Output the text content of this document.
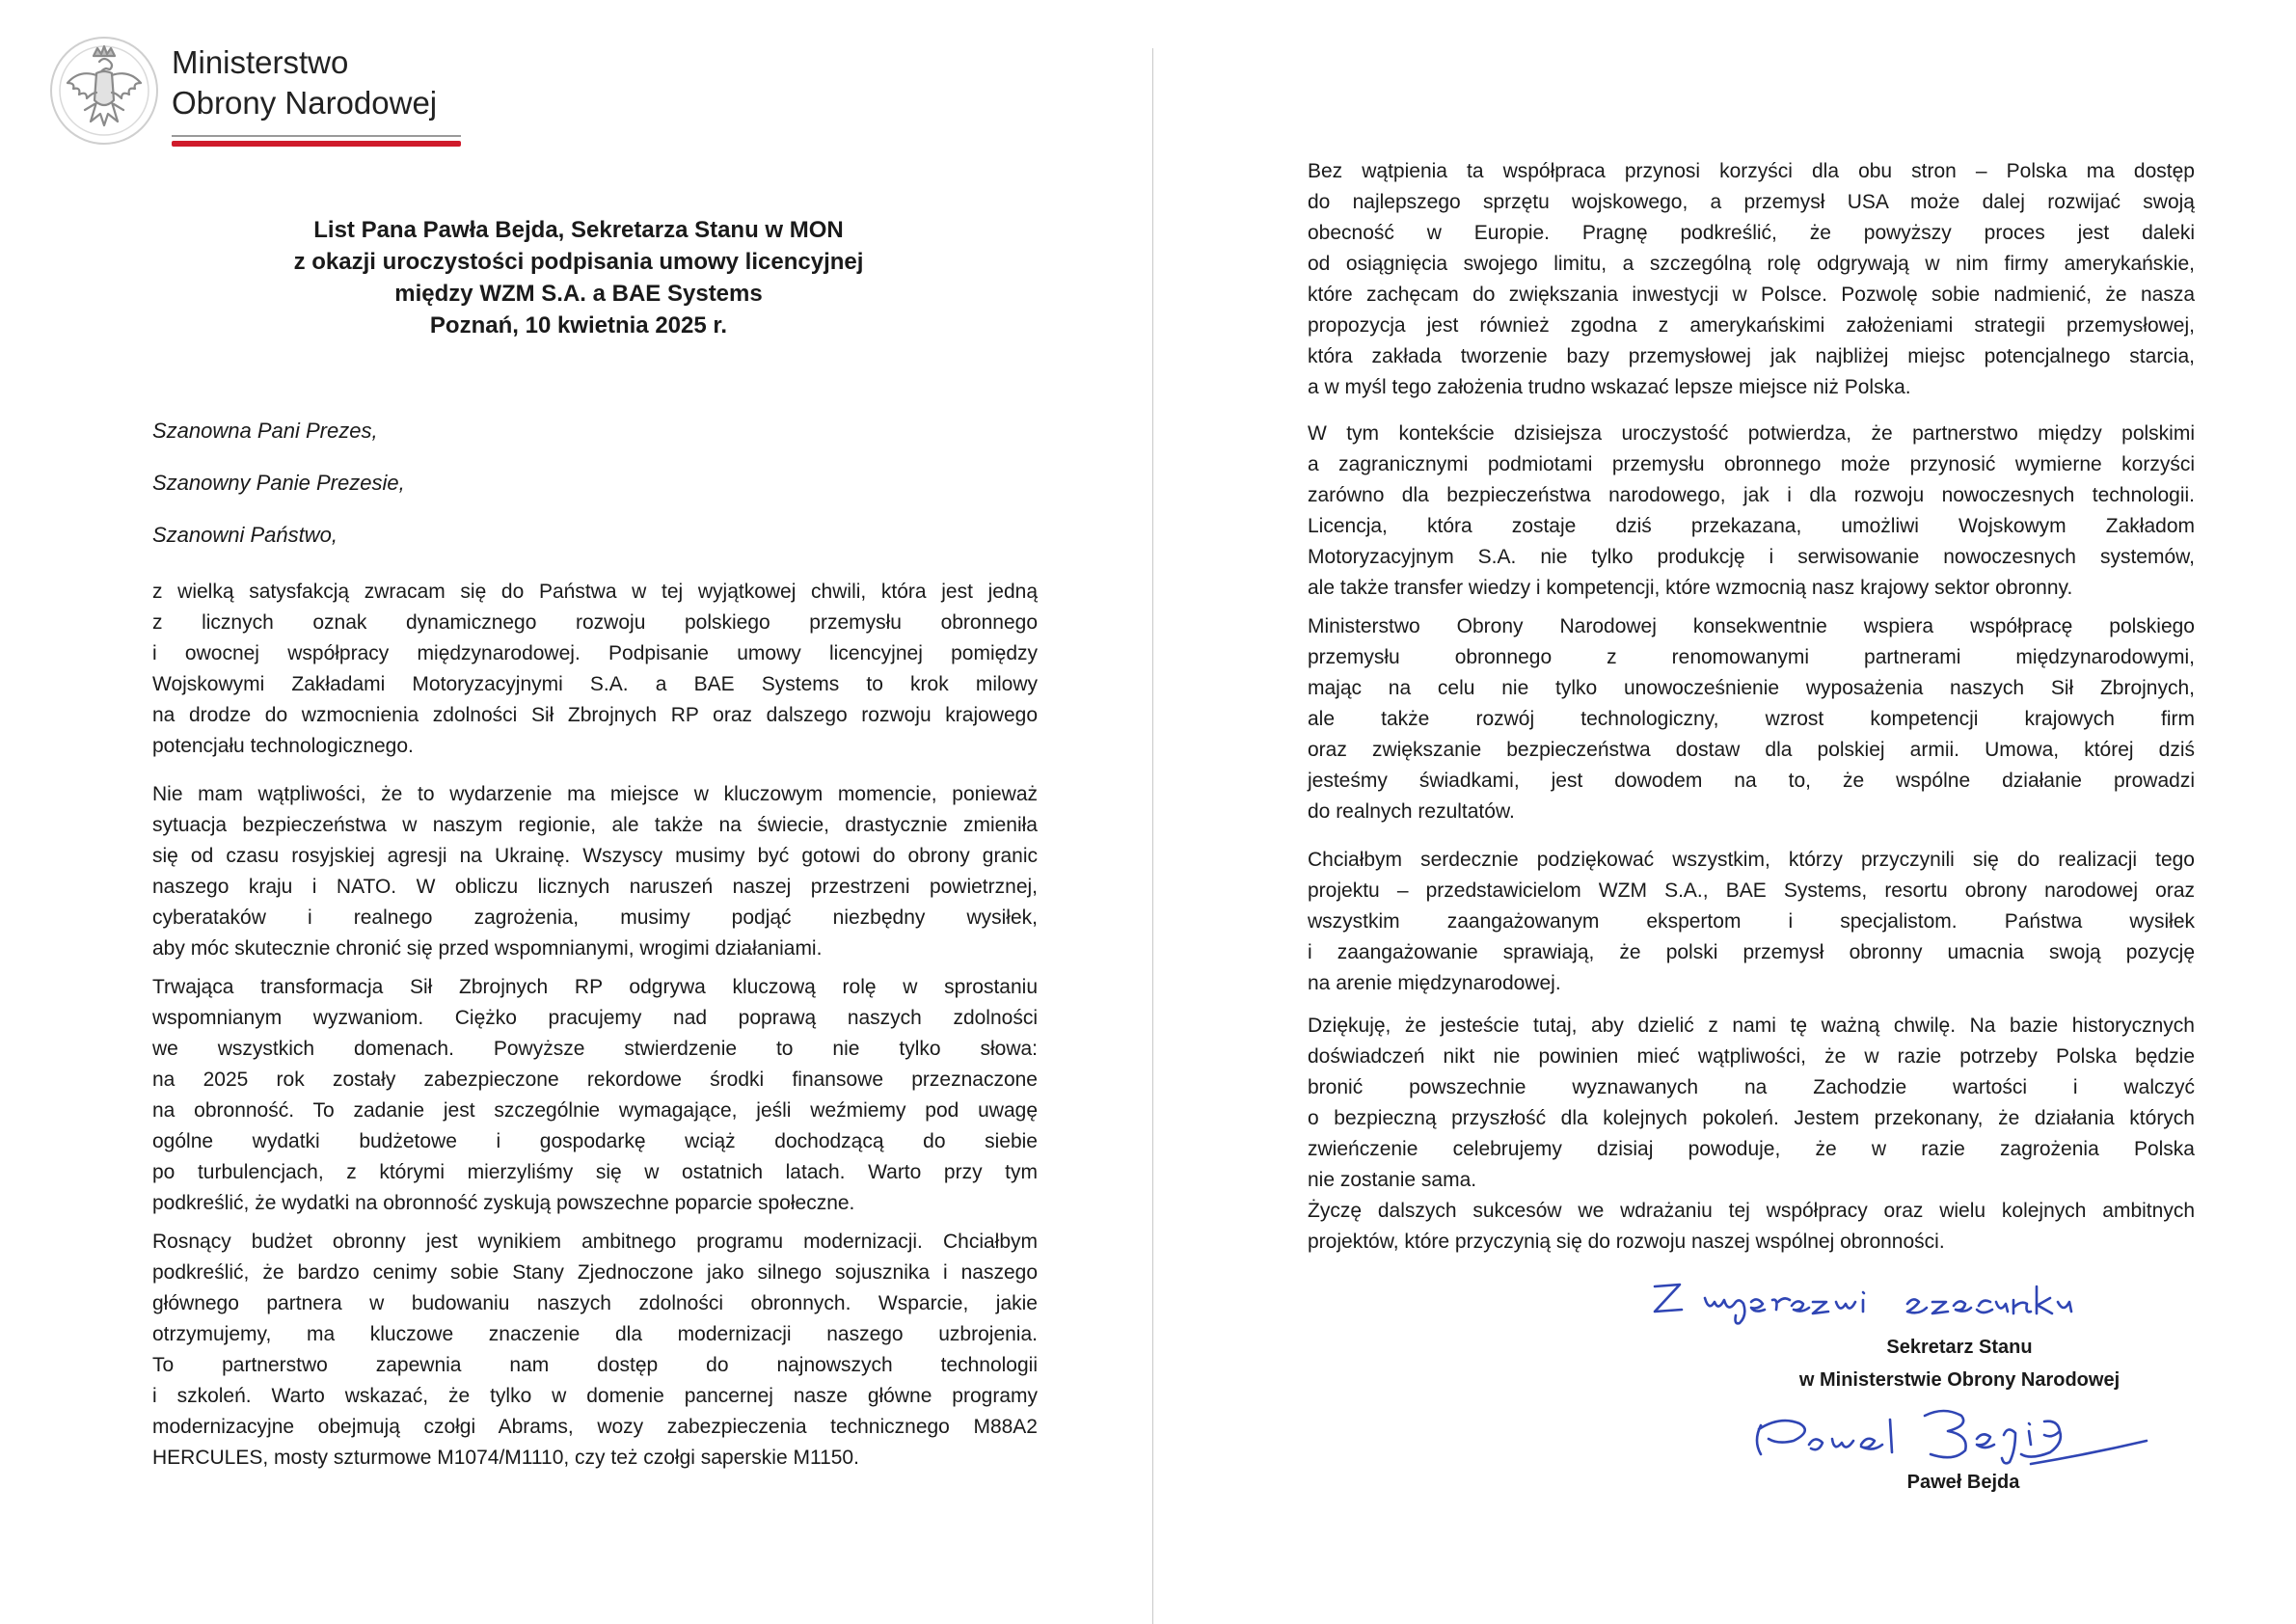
Ministerstwo
Obrony Narodowej
List Pana Pawła Bejda, Sekretarza Stanu w MON
z okazji uroczystości podpisania umowy licencyjnej
między WZM S.A. a BAE Systems
Poznań, 10 kwietnia 2025 r.
Szanowna Pani Prezes,
Szanowny Panie Prezesie,
Szanowni Państwo,
z wielką satysfakcją zwracam się do Państwa w tej wyjątkowej chwili, która jest jedną
z licznych oznak dynamicznego rozwoju polskiego przemysłu obronnego
i owocnej współpracy międzynarodowej. Podpisanie umowy licencyjnej pomiędzy
Wojskowymi Zakładami Motoryzacyjnymi S.A. a BAE Systems to krok milowy
na drodze do wzmocnienia zdolności Sił Zbrojnych RP oraz dalszego rozwoju krajowego
potencjału technologicznego.
Nie mam wątpliwości, że to wydarzenie ma miejsce w kluczowym momencie, ponieważ
sytuacja bezpieczeństwa w naszym regionie, ale także na świecie, drastycznie zmieniła
się od czasu rosyjskiej agresji na Ukrainę. Wszyscy musimy być gotowi do obrony granic
naszego kraju i NATO. W obliczu licznych naruszeń naszej przestrzeni powietrznej,
cyberataków i realnego zagrożenia, musimy podjąć niezbędny wysiłek,
aby móc skutecznie chronić się przed wspomnianymi, wrogimi działaniami.
Trwająca transformacja Sił Zbrojnych RP odgrywa kluczową rolę w sprostaniu
wspomnianym wyzwaniom. Ciężko pracujemy nad poprawą naszych zdolności
we wszystkich domenach. Powyższe stwierdzenie to nie tylko słowa:
na 2025 rok zostały zabezpieczone rekordowe środki finansowe przeznaczone
na obronność. To zadanie jest szczególnie wymagające, jeśli weźmiemy pod uwagę
ogólne wydatki budżetowe i gospodarkę wciąż dochodzącą do siebie
po turbulencjach, z którymi mierzyliśmy się w ostatnich latach. Warto przy tym
podkreślić, że wydatki na obronność zyskują powszechne poparcie społeczne.
Rosnący budżet obronny jest wynikiem ambitnego programu modernizacji. Chciałbym
podkreślić, że bardzo cenimy sobie Stany Zjednoczone jako silnego sojusznika i naszego
głównego partnera w budowaniu naszych zdolności obronnych. Wsparcie, jakie
otrzymujemy, ma kluczowe znaczenie dla modernizacji naszego uzbrojenia.
To partnerstwo zapewnia nam dostęp do najnowszych technologii
i szkoleń. Warto wskazać, że tylko w domenie pancernej nasze główne programy
modernizacyjne obejmują czołgi Abrams, wozy zabezpieczenia technicznego M88A2
HERCULES, mosty szturmowe M1074/M1110, czy też czołgi saperskie M1150.
Bez wątpienia ta współpraca przynosi korzyści dla obu stron – Polska ma dostęp
do najlepszego sprzętu wojskowego, a przemysł USA może dalej rozwijać swoją
obecność w Europie. Pragnę podkreślić, że powyższy proces jest daleki
od osiągnięcia swojego limitu, a szczególną rolę odgrywają w nim firmy amerykańskie,
które zachęcam do zwiększania inwestycji w Polsce. Pozwolę sobie nadmienić, że nasza
propozycja jest również zgodna z amerykańskimi założeniami strategii przemysłowej,
która zakłada tworzenie bazy przemysłowej jak najbliżej miejsc potencjalnego starcia,
a w myśl tego założenia trudno wskazać lepsze miejsce niż Polska.
W tym kontekście dzisiejsza uroczystość potwierdza, że partnerstwo między polskimi
a zagranicznymi podmiotami przemysłu obronnego może przynosić wymierne korzyści
zarówno dla bezpieczeństwa narodowego, jak i dla rozwoju nowoczesnych technologii.
Licencja, która zostaje dziś przekazana, umożliwi Wojskowym Zakładom
Motoryzacyjnym S.A. nie tylko produkcję i serwisowanie nowoczesnych systemów,
ale także transfer wiedzy i kompetencji, które wzmocnią nasz krajowy sektor obronny.
Ministerstwo Obrony Narodowej konsekwentnie wspiera współpracę polskiego
przemysłu obronnego z renomowanymi partnerami międzynarodowymi,
mając na celu nie tylko unowocześnienie wyposażenia naszych Sił Zbrojnych,
ale także rozwój technologiczny, wzrost kompetencji krajowych firm
oraz zwiększanie bezpieczeństwa dostaw dla polskiej armii. Umowa, której dziś
jesteśmy świadkami, jest dowodem na to, że wspólne działanie prowadzi
do realnych rezultatów.
Chciałbym serdecznie podziękować wszystkim, którzy przyczynili się do realizacji tego
projektu – przedstawicielom WZM S.A., BAE Systems, resortu obrony narodowej oraz
wszystkim zaangażowanym ekspertom i specjalistom. Państwa wysiłek
i zaangażowanie sprawiają, że polski przemysł obronny umacnia swoją pozycję
na arenie międzynarodowej.
Dziękuję, że jesteście tutaj, aby dzielić z nami tę ważną chwilę. Na bazie historycznych
doświadczeń nikt nie powinien mieć wątpliwości, że w razie potrzeby Polska będzie
bronić powszechnie wyznawanych na Zachodzie wartości i walczyć
o bezpieczną przyszłość dla kolejnych pokoleń. Jestem przekonany, że działania których
zwieńczenie celebrujemy dzisiaj powoduje, że w razie zagrożenia Polska
nie zostanie sama.
Życzę dalszych sukcesów we wdrażaniu tej współpracy oraz wielu kolejnych ambitnych
projektów, które przyczynią się do rozwoju naszej wspólnej obronności.
Sekretarz Stanu
w Ministerstwie Obrony Narodowej
Paweł Bejda
